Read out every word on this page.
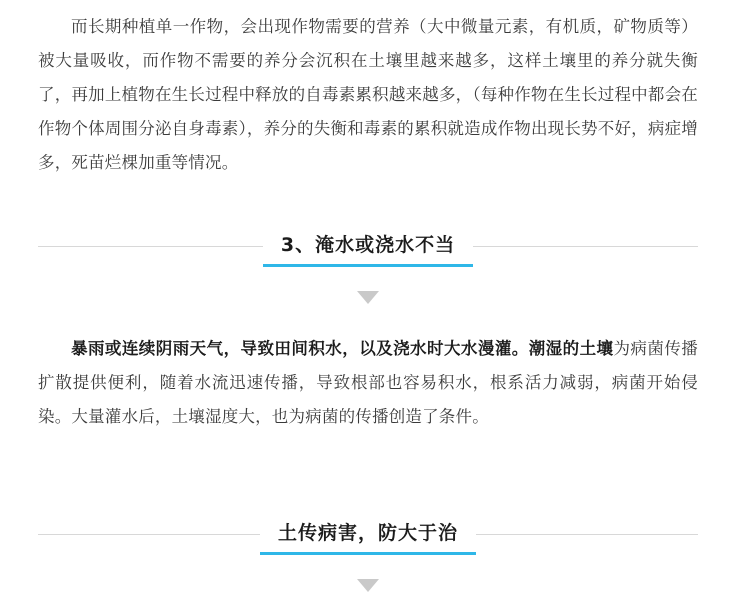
而长期种植单一作物，会出现作物需要的营养（大中微量元素，有机质，矿物质等）被大量吸收，而作物不需要的养分会沉积在土壤里越来越多，这样土壤里的养分就失衡了，再加上植物在生长过程中释放的自毒素累积越来越多，（每种作物在生长过程中都会在作物个体周围分泌自身毒素），养分的失衡和毒素的累积就造成作物出现长势不好，病症增多，死苗烂棵加重等情况。

3、淹水或浇水不当

暴雨或连续阴雨天气，导致田间积水，以及浇水时大水漫灌。潮湿的土壤为病菌传播扩散提供便利，随着水流迅速传播，导致根部也容易积水，根系活力减弱，病菌开始侵染。大量灌水后，土壤湿度大，也为病菌的传播创造了条件。

土传病害，防大于治
